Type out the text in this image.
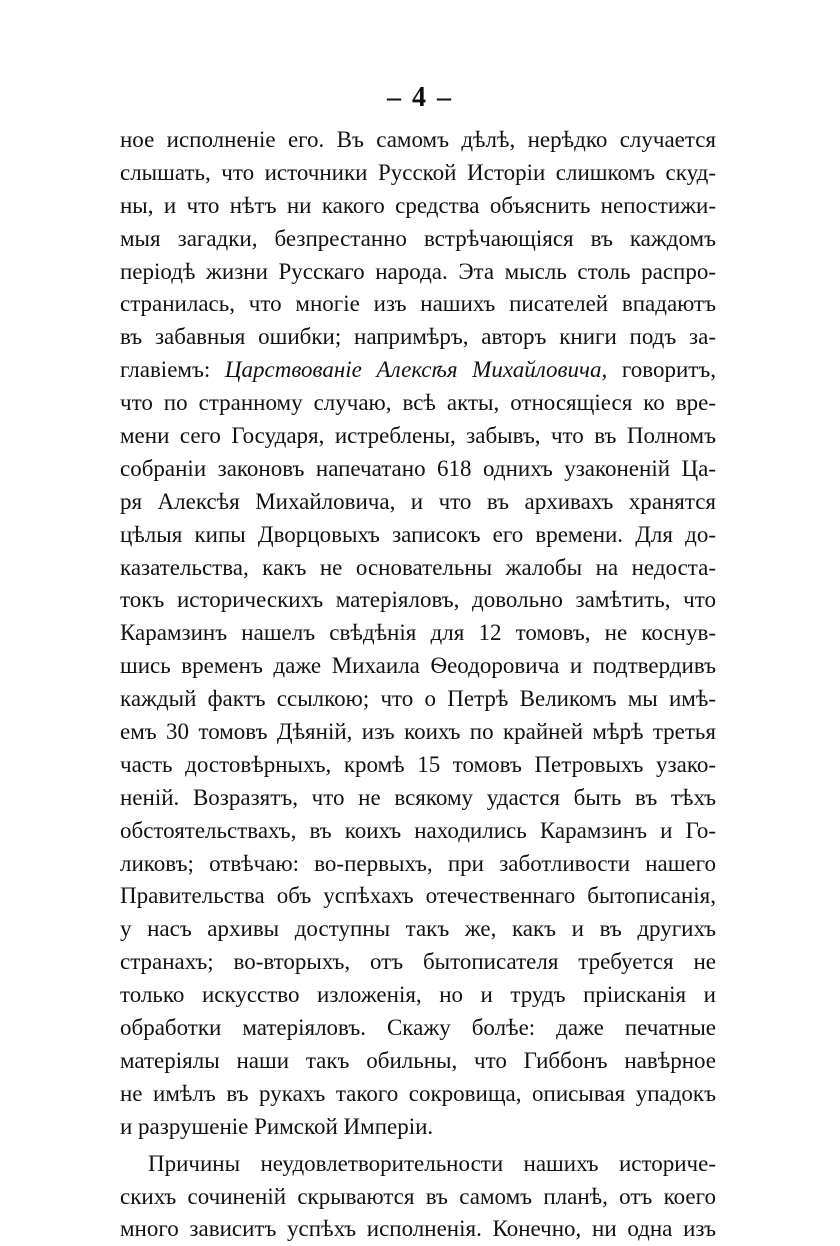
– 4 –
ное исполненіе его. Въ самомъ дѣлѣ, нерѣдко случается
слышать, что источники Русской Исторіи слишкомъ скуд-
ны, и что нѣтъ ни какого средства объяснить непостижи-
мыя загадки, безпрестанно встрѣчающіяся въ каждомъ
періодѣ жизни Русскаго народа. Эта мысль столь распро-
странилась, что многіе изъ нашихъ писателей впадаютъ
въ забавныя ошибки; напримѣръ, авторъ книги подъ за-
главіемъ: Царствованіе Алексѣя Михайловича, говоритъ,
что по странному случаю, всѣ акты, относящіеся ко вре-
мени сего Государя, истреблены, забывъ, что въ Полномъ
собраніи законовъ напечатано 618 однихъ узаконеній Ца-
ря Алексѣя Михайловича, и что въ архивахъ хранятся
цѣлыя кипы Дворцовыхъ записокъ его времени. Для до-
казательства, какъ не основательны жалобы на недоста-
токъ историческихъ матеріяловъ, довольно замѣтить, что
Карамзинъ нашелъ свѣдѣнія для 12 томовъ, не коснув-
шись временъ даже Михаила Ѳеодоровича и подтвердивъ
каждый фактъ ссылкою; что о Петрѣ Великомъ мы имѣ-
емъ 30 томовъ Дѣяній, изъ коихъ по крайней мѣрѣ третья
часть достовѣрныхъ, кромѣ 15 томовъ Петровыхъ узако-
неній. Возразятъ, что не всякому удастся быть въ тѣхъ
обстоятельствахъ, въ коихъ находились Карамзинъ и Го-
ликовъ; отвѣчаю: во-первыхъ, при заботливости нашего
Правительства объ успѣхахъ отечественнаго бытописанія,
у насъ архивы доступны такъ же, какъ и въ другихъ
странахъ; во-вторыхъ, отъ бытописателя требуется не
только искусство изложенія, но и трудъ пріисканія и
обработки матеріяловъ. Скажу болѣе: даже печатные
матеріялы наши такъ обильны, что Гиббонъ навѣрное
не имѣлъ въ рукахъ такого сокровища, описывая упадокъ
и разрушеніе Римской Имперіи.
Причины неудовлетворительности нашихъ историче-
скихъ сочиненій скрываются въ самомъ планѣ, отъ коего
много зависитъ успѣхъ исполненія. Конечно, ни одна изъ
